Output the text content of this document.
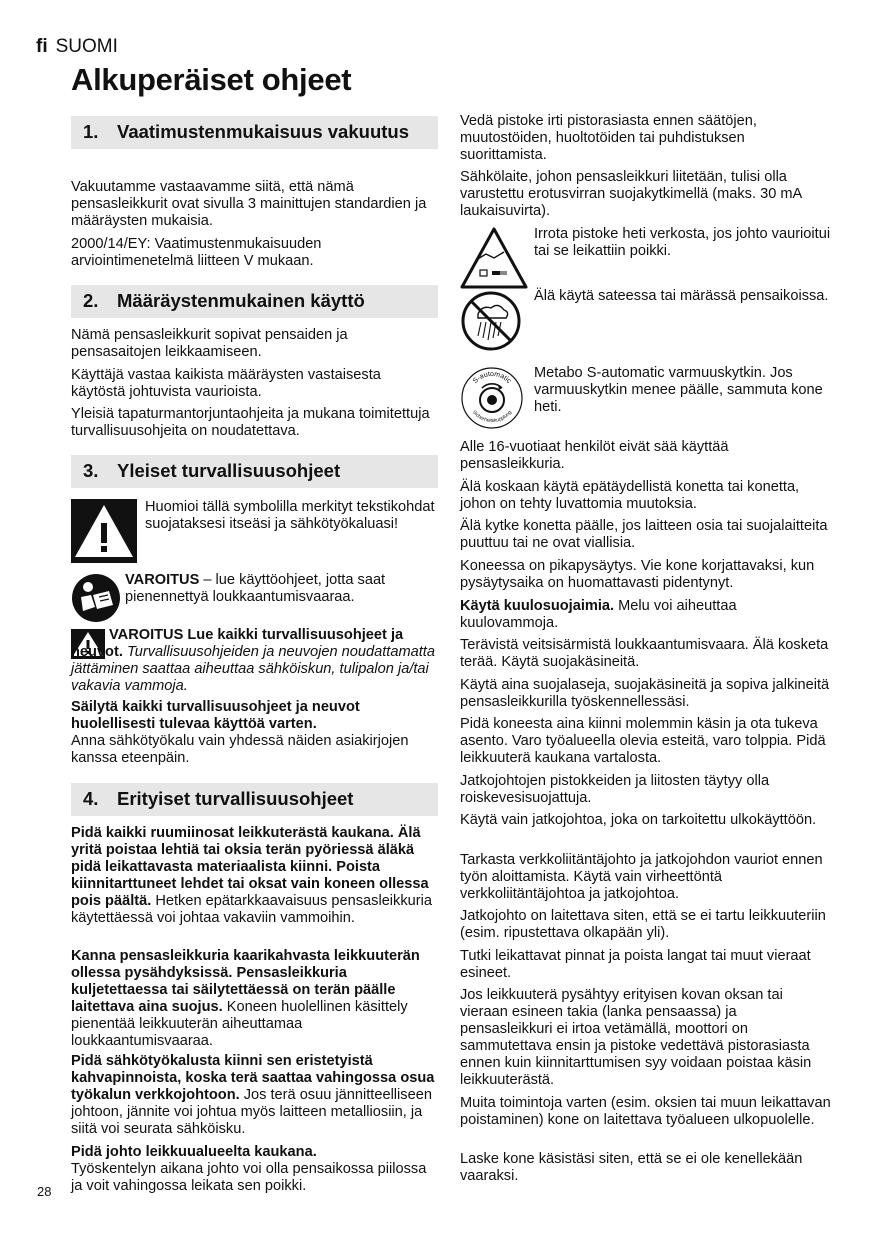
fi SUOMI
Alkuperäiset ohjeet
1. Vaatimustenmukaisuus vakuutus

Vakuutamme vastaavamme siitä, että nämä pensasleikkurit ovat sivulla 3 mainittujen standardien ja määräysten mukaisia.

2000/14/EY: Vaatimustenmukaisuuden arviointimenetelmä liitteen V mukaan.

2. Määräystenmukainen käyttö

Nämä pensasleikkurit sopivat pensaiden ja pensasaitojen leikkaamiseen.

Käyttäjä vastaa kaikista määräysten vastaisesta käytöstä johtuvista vaurioista.

Yleisiä tapaturmantorjuntaohjeita ja mukana toimitettuja turvallisuusohjeita on noudatettava.

3. Yleiset turvallisuusohjeet

Huomioi tällä symbolilla merkityt tekstikohdat suojataksesi itseäsi ja sähkötyökaluasi!

VAROITUS – lue käyttöohjeet, jotta saat pienennettyä loukkaantumisvaaraa.

VAROITUS Lue kaikki turvallisuusohjeet ja neuvot. Turvallisuusohjeiden ja neuvojen noudattamatta jättäminen saattaa aiheuttaa sähköiskun, tulipalon ja/tai vakavia vammoja.

Säilytä kaikki turvallisuusohjeet ja neuvot huolellisesti tulevaa käyttöä varten.
Anna sähkötyökalu vain yhdessä näiden asiakirjojen kanssa eteenpäin.

4. Erityiset turvallisuusohjeet

Pidä kaikki ruumiinosat leikkuterästä kaukana. Älä yritä poistaa lehtiä tai oksia terän pyöriessä äläkä pidä leikattavasta materiaalista kiinni. Poista kiinnitarttuneet lehdet tai oksat vain koneen ollessa pois päältä. Hetken epätarkkaavaisuus pensasleikkuria käytettäessä voi johtaa vakaviin vammoihin.

Kanna pensasleikkuria kaarikahvasta leikkuuterän ollessa pysähdyksissä. Pensasleikkuria kuljetettaessa tai säilytettäessä on terän päälle laitettava aina suojus. Koneen huolellinen käsittely pienentää leikkuuterän aiheuttamaa loukkaantumisvaaraa.

Pidä sähkötyökalusta kiinni sen eristetyistä kahvapinnoista, koska terä saattaa vahingossa osua työkalun verkkojohtoon. Jos terä osuu jännitteelliseen johtoon, jännite voi johtua myös laitteen metalliosiin, ja siitä voi seurata sähköisku.

Pidä johto leikkuualueelta kaukana.
Työskentelyn aikana johto voi olla pensaikossa piilossa ja voit vahingossa leikata sen poikki.

Vedä pistoke irti pistorasiasta ennen säätöjen, muutostöiden, huoltotöiden tai puhdistuksen suorittamista.

Sähkölaite, johon pensasleikkuri liitetään, tulisi olla varustettu erotusvirran suojakytkimellä (maks. 30 mA laukaisuvirta).

Irrota pistoke heti verkosta, jos johto vaurioitui tai se leikattiin poikki.

Älä käytä sateessa tai märässä pensaikoissa.

S-automatic
Sicherheitskupplung

Metabo S-automatic varmuuskytkin. Jos varmuuskytkin menee päälle, sammuta kone heti.

Alle 16-vuotiaat henkilöt eivät sää käyttää pensasleikkuria.

Älä koskaan käytä epätäydellistä konetta tai konetta, johon on tehty luvattomia muutoksia.

Älä kytke konetta päälle, jos laitteen osia tai suojalaitteita puuttuu tai ne ovat viallisia.

Koneessa on pikapysäytys. Vie kone korjattavaksi, kun pysäytysaika on huomattavasti pidentynyt.

Käytä kuulosuojaimia. Melu voi aiheuttaa kuulovammoja.

Terävistä veitsisärmistä loukkaantumisvaara. Älä kosketa terää. Käytä suojakäsineitä.

Käytä aina suojalaseja, suojakäsineitä ja sopiva jalkineitä pensasleikkurilla työskennellessäsi.

Pidä koneesta aina kiinni molemmin käsin ja ota tukeva asento. Varo työalueella olevia esteitä, varo tolppia. Pidä leikkuuterä kaukana vartalosta.

Jatkojohtojen pistokkeiden ja liitosten täytyy olla roiskevesisuojattuja.

Käytä vain jatkojohtoa, joka on tarkoitettu ulkokäyttöön.

Tarkasta verkkoliitäntäjohto ja jatkojohdon vauriot ennen työn aloittamista. Käytä vain virheettöntä verkkoliitäntäjohtoa ja jatkojohtoa.

Jatkojohto on laitettava siten, että se ei tartu leikkuuteriin (esim. ripustettava olkapään yli).

Tutki leikattavat pinnat ja poista langat tai muut vieraat esineet.

Jos leikkuuterä pysähtyy erityisen kovan oksan tai vieraan esineen takia (lanka pensaassa) ja pensasleikkuri ei irtoa vetämällä, moottori on sammutettava ensin ja pistoke vedettävä pistorasiasta ennen kuin kiinnitarttumisen syy voidaan poistaa käsin leikkuuterästä.

Muita toimintoja varten (esim. oksien tai muun leikattavan poistaminen) kone on laitettava työalueen ulkopuolelle.

Laske kone käsistäsi siten, että se ei ole kenellekään vaaraksi.

28
